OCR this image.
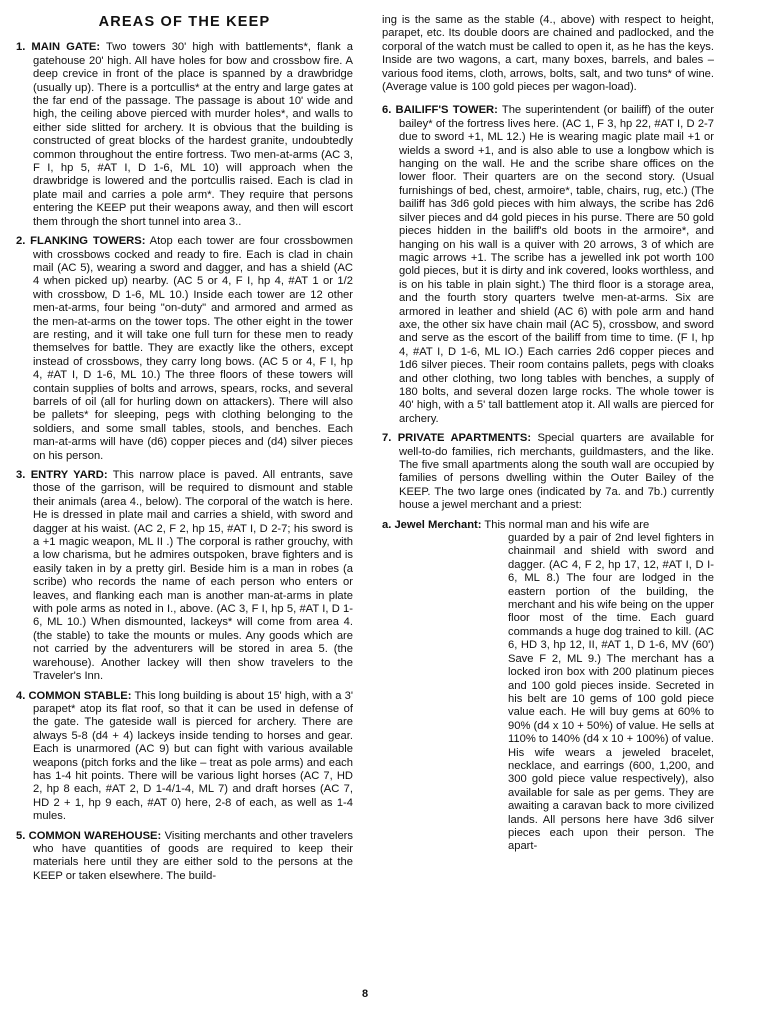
AREAS OF THE KEEP

1. MAIN GATE: Two towers 30' high with battlements*, flank a gatehouse 20' high. All have holes for bow and crossbow fire. A deep crevice in front of the place is spanned by a drawbridge (usually up). There is a portcullis* at the entry and large gates at the far end of the passage. The passage is about 10' wide and high, the ceiling above pierced with murder holes*, and walls to either side slitted for archery. It is obvious that the building is constructed of great blocks of the hardest granite, undoubtedly common throughout the entire fortress. Two men-at-arms (AC 3, F I, hp 5, #AT I, D 1-6, ML 10) will approach when the drawbridge is lowered and the portcullis raised. Each is clad in plate mail and carries a pole arm*. They require that persons entering the KEEP put their weapons away, and then will escort them through the short tunnel into area 3..

2. FLANKING TOWERS: Atop each tower are four crossbowmen with crossbows cocked and ready to fire. Each is clad in chain mail (AC 5), wearing a sword and dagger, and has a shield (AC 4 when picked up) nearby. (AC 5 or 4, F I, hp 4, #AT 1 or 1/2 with crossbow, D 1-6, ML 10.) Inside each tower are 12 other men-at-arms, four being "on-duty" and armored and armed as the men-at-arms on the tower tops. The other eight in the tower are resting, and it will take one full turn for these men to ready themselves for battle. They are exactly like the others, except instead of crossbows, they carry long bows. (AC 5 or 4, F I, hp 4, #AT I, D 1-6, ML 10.) The three floors of these towers will contain supplies of bolts and arrows, spears, rocks, and several barrels of oil (all for hurling down on attackers). There will also be pallets* for sleeping, pegs with clothing belonging to the soldiers, and some small tables, stools, and benches. Each man-at-arms will have (d6) copper pieces and (d4) silver pieces on his person.

3. ENTRY YARD: This narrow place is paved. All entrants, save those of the garrison, will be required to dismount and stable their animals (area 4., below). The corporal of the watch is here. He is dressed in plate mail and carries a shield, with sword and dagger at his waist. (AC 2, F 2, hp 15, #AT I, D 2-7; his sword is a +1 magic weapon, ML II .) The corporal is rather grouchy, with a low charisma, but he admires outspoken, brave fighters and is easily taken in by a pretty girl. Beside him is a man in robes (a scribe) who records the name of each person who enters or leaves, and flanking each man is another man-at-arms in plate with pole arms as noted in I., above. (AC 3, F I, hp 5, #AT I, D 1-6, ML 10.) When dismounted, lackeys* will come from area 4. (the stable) to take the mounts or mules. Any goods which are not carried by the adventurers will be stored in area 5. (the warehouse). Another lackey will then show travelers to the Traveler's Inn.

4. COMMON STABLE: This long building is about 15' high, with a 3' parapet* atop its flat roof, so that it can be used in defense of the gate. The gateside wall is pierced for archery. There are always 5-8 (d4 + 4) lackeys inside tending to horses and gear. Each is unarmored (AC 9) but can fight with various available weapons (pitch forks and the like – treat as pole arms) and each has 1-4 hit points. There will be various light horses (AC 7, HD 2, hp 8 each, #AT 2, D 1-4/1-4, ML 7) and draft horses (AC 7, HD 2 + 1, hp 9 each, #AT 0) here, 2-8 of each, as well as 1-4 mules.

5. COMMON WAREHOUSE: Visiting merchants and other travelers who have quantities of goods are required to keep their materials here until they are either sold to the persons at the KEEP or taken elsewhere. The build-

ing is the same as the stable (4., above) with respect to height, parapet, etc. Its double doors are chained and padlocked, and the corporal of the watch must be called to open it, as he has the keys. Inside are two wagons, a cart, many boxes, barrels, and bales – various food items, cloth, arrows, bolts, salt, and two tuns* of wine. (Average value is 100 gold pieces per wagon-load).

6. BAILIFF'S TOWER: The superintendent (or bailiff) of the outer bailey* of the fortress lives here. (AC 1, F 3, hp 22, #AT I, D 2-7 due to sword +1, ML 12.) He is wearing magic plate mail +1 or wields a sword +1, and is also able to use a longbow which is hanging on the wall. He and the scribe share offices on the lower floor. Their quarters are on the second story. (Usual furnishings of bed, chest, armoire*, table, chairs, rug, etc.) (The bailiff has 3d6 gold pieces with him always, the scribe has 2d6 silver pieces and d4 gold pieces in his purse. There are 50 gold pieces hidden in the bailiff's old boots in the armoire*, and hanging on his wall is a quiver with 20 arrows, 3 of which are magic arrows +1. The scribe has a jewelled ink pot worth 100 gold pieces, but it is dirty and ink covered, looks worthless, and is on his table in plain sight.) The third floor is a storage area, and the fourth story quarters twelve men-at-arms. Six are armored in leather and shield (AC 6) with pole arm and hand axe, the other six have chain mail (AC 5), crossbow, and sword and serve as the escort of the bailiff from time to time. (F I, hp 4, #AT I, D 1-6, ML IO.) Each carries 2d6 copper pieces and 1d6 silver pieces. Their room contains pallets, pegs with cloaks and other clothing, two long tables with benches, a supply of 180 bolts, and several dozen large rocks. The whole tower is 40' high, with a 5' tall battlement atop it. All walls are pierced for archery.

7. PRIVATE APARTMENTS: Special quarters are available for well-to-do families, rich merchants, guildmasters, and the like. The five small apartments along the south wall are occupied by families of persons dwelling within the Outer Bailey of the KEEP. The two large ones (indicated by 7a. and 7b.) currently house a jewel merchant and a priest:

a. Jewel Merchant: This normal man and his wife are

guarded by a pair of 2nd level fighters in chainmail and shield with sword and dagger. (AC 4, F 2, hp 17, 12, #AT I, D I-6, ML 8.) The four are lodged in the eastern portion of the building, the merchant and his wife being on the upper floor most of the time. Each guard commands a huge dog trained to kill. (AC 6, HD 3, hp 12, II, #AT 1, D 1-6, MV (60') Save F 2, ML 9.) The merchant has a locked iron box with 200 platinum pieces and 100 gold pieces inside. Secreted in his belt are 10 gems of 100 gold piece value each. He will buy gems at 60% to 90% (d4 x 10 + 50%) of value. He sells at 110% to 140% (d4 x 10 + 100%) of value. His wife wears a jeweled bracelet, necklace, and earrings (600, 1,200, and 300 gold piece value respectively), also available for sale as per gems. They are awaiting a caravan back to more civilized lands. All persons here have 3d6 silver pieces each upon their person. The apart-

8
